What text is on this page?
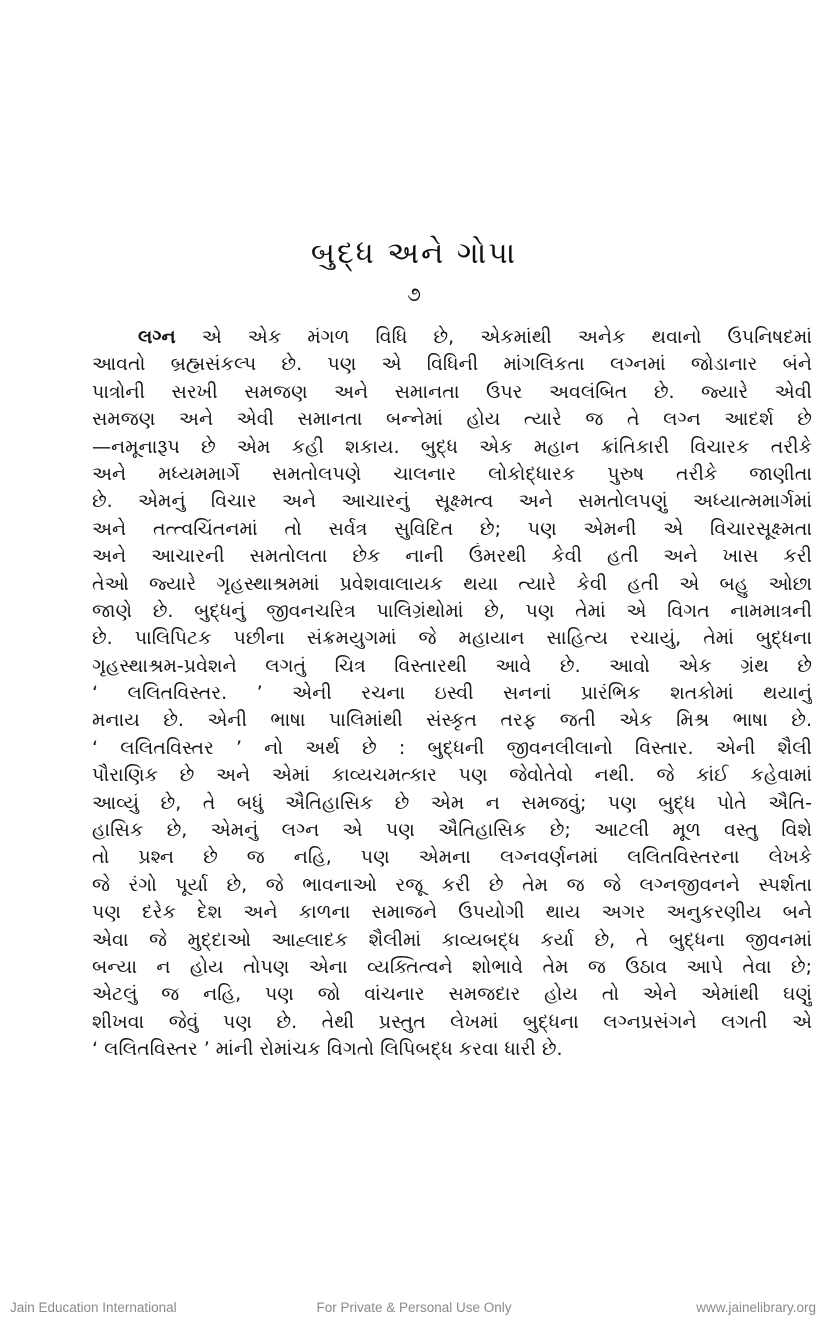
બુદ્ધ અને ગોપા
૭
લગ્ન એ એક મંગળ વિધિ છે, એકમાંથી અનેક થવાનો ઉપનિષદમાં
આવતો બ્રહ્મસંકલ્પ છે. પણ એ વિધિની માંગલિકતા લગ્નમાં જોડાનાર બંને
પાત્રોની સરખી સમજણ અને સમાનતા ઉપર અવલંબિત છે. જ્યારે એવી
સમજણ અને એવી સમાનતા બન્નેમાં હોય ત્યારે જ તે લગ્ન આદર્શ છે
—નમૂનારૂપ છે એમ કહી શકાય. બુદ્ધ એક મહાન ક્રાંતિકારી વિચારક તરીકે
અને મધ્યમમાર્ગે સમતોલપણે ચાલનાર લોકોદ્ધારક પુરુષ તરીકે જાણીતા
છે. એમનું વિચાર અને આચારનું સૂક્ષ્મત્વ અને સમતોલપણું અધ્યાત્મમાર્ગમાં
અને તત્ત્વચિંતનમાં તો સર્વત્ર સુવિદિત છે; પણ એમની એ વિચારસૂક્ષ્મતા
અને આચારની સમતોલતા છેક નાની ઉંમરથી કેવી હતી અને ખાસ કરી
તેઓ જ્યારે ગૃહસ્થાશ્રમમાં પ્રવેશવાલાયક થયા ત્યારે કેવી હતી એ બહુ ઓછા
જાણે છે. બુદ્ધનું જીવનચરિત્ર પાલિગ્રંથોમાં છે, પણ તેમાં એ વિગત નામમાત્રની
છે. પાલિપિટક પછીના સંક્રમયુગમાં જે મહાયાન સાહિત્ય રચાયું, તેમાં બુદ્ધના
ગૃહસ્થાશ્રમ-પ્રવેશને લગતું ચિત્ર વિસ્તારથી આવે છે. આવો એક ગ્રંથ છે
‘ લલિતવિસ્તર. ’ એની રચના ઇસ્વી સનનાં પ્રારંભિક શતકોમાં થયાનું
મનાય છે. એની ભાષા પાલિમાંથી સંસ્કૃત તરફ જતી એક મિશ્ર ભાષા છે.
‘ લલિતવિસ્તર ’ નો અર્થ છે : બુદ્ધની જીવનલીલાનો વિસ્તાર. એની શૈલી
પૌરાણિક છે અને એમાં કાવ્યચમત્કાર પણ જેવોતેવો નથી. જે કાંઈ કહેવામાં
આવ્યું છે, તે બધું ઐતિહાસિક છે એમ ન સમજવું; પણ બુદ્ધ પોતે ઐતિ-
હાસિક છે, એમનું લગ્ન એ પણ ઐતિહાસિક છે; આટલી મૂળ વસ્તુ વિશે
તો પ્રશ્ન છે જ નહિ, પણ એમના લગ્નવર્ણનમાં લલિતવિસ્તરના લેખકે
જે રંગો પૂર્યા છે, જે ભાવનાઓ રજૂ કરી છે તેમ જ જે લગ્નજીવનને સ્પર્શતા
પણ દરેક દેશ અને કાળના સમાજને ઉપયોગી થાય અગર અનુકરણીય બને
એવા જે મુદ્દાઓ આહ્લાદક શૈલીમાં કાવ્યબદ્ધ કર્યા છે, તે બુદ્ધના જીવનમાં
બન્યા ન હોય તોપણ એના વ્યક્તિત્વને શોભાવે તેમ જ ઉઠાવ આપે તેવા છે;
એટલું જ નહિ, પણ જો વાંચનાર સમજદાર હોય તો એને એમાંથી ઘણું
શીખવા જેવું પણ છે. તેથી પ્રસ્તુત લેખમાં બુદ્ધના લગ્નપ્રસંગને લગતી એ
‘ લલિતવિસ્તર ’ માંની રોમાંચક વિગતો લિપિબદ્ધ કરવા ધારી છે.
Jain Education International	For Private & Personal Use Only	www.jainelibrary.org
